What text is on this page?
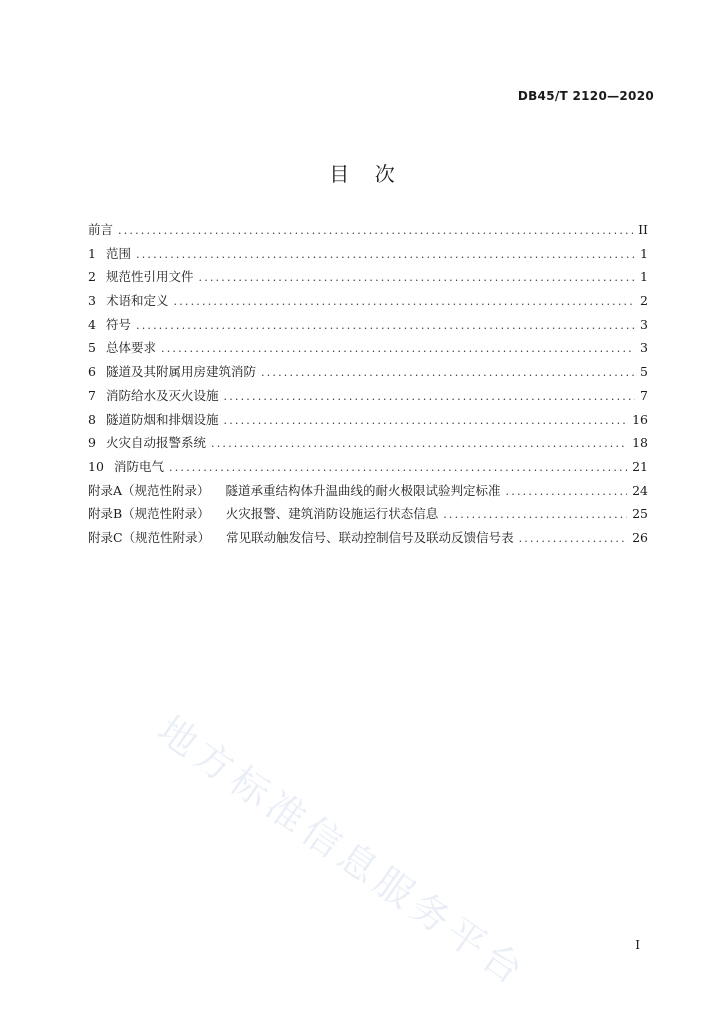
DB45/T 2120—2020
目    次
前言 .....	II
1 范围 .....	1
2 规范性引用文件 .....	1
3 术语和定义 .....	2
4 符号 .....	3
5 总体要求 .....	3
6 隧道及其附属用房建筑消防 .....	5
7 消防给水及灭火设施 .....	7
8 隧道防烟和排烟设施 .....	16
9 火灾自动报警系统 .....	18
10 消防电气 .....	21
附录A（规范性附录） 隧道承重结构体升温曲线的耐火极限试验判定标准 .....	24
附录B（规范性附录） 火灾报警、建筑消防设施运行状态信息 .....	25
附录C（规范性附录） 常见联动触发信号、联动控制信号及联动反馈信号表 .....	26
地方标准信息服务平台	I
